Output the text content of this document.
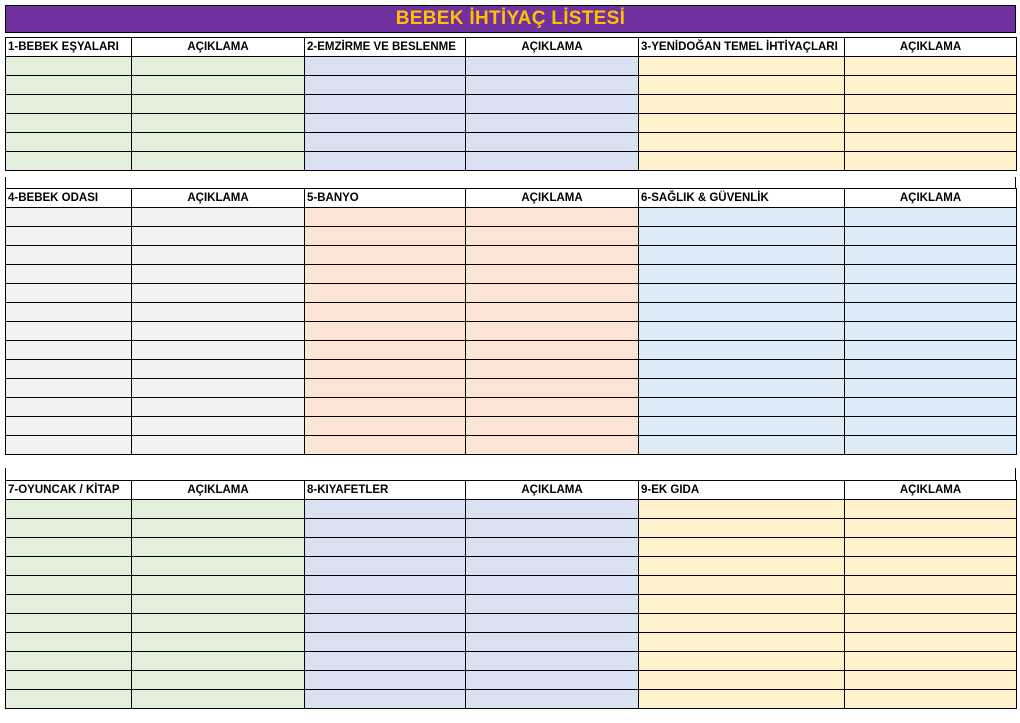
BEBEK İHTİYAÇ LİSTESİ
1-BEBEK EŞYALARI	AÇIKLAMA	2-EMZİRME VE BESLENME	AÇIKLAMA	3-YENİDOĞAN TEMEL İHTİYAÇLARI	AÇIKLAMA

4-BEBEK ODASI	AÇIKLAMA	5-BANYO	AÇIKLAMA	6-SAĞLIK & GÜVENLİK	AÇIKLAMA

7-OYUNCAK / KİTAP	AÇIKLAMA	8-KIYAFETLER	AÇIKLAMA	9-EK GIDA	AÇIKLAMA
